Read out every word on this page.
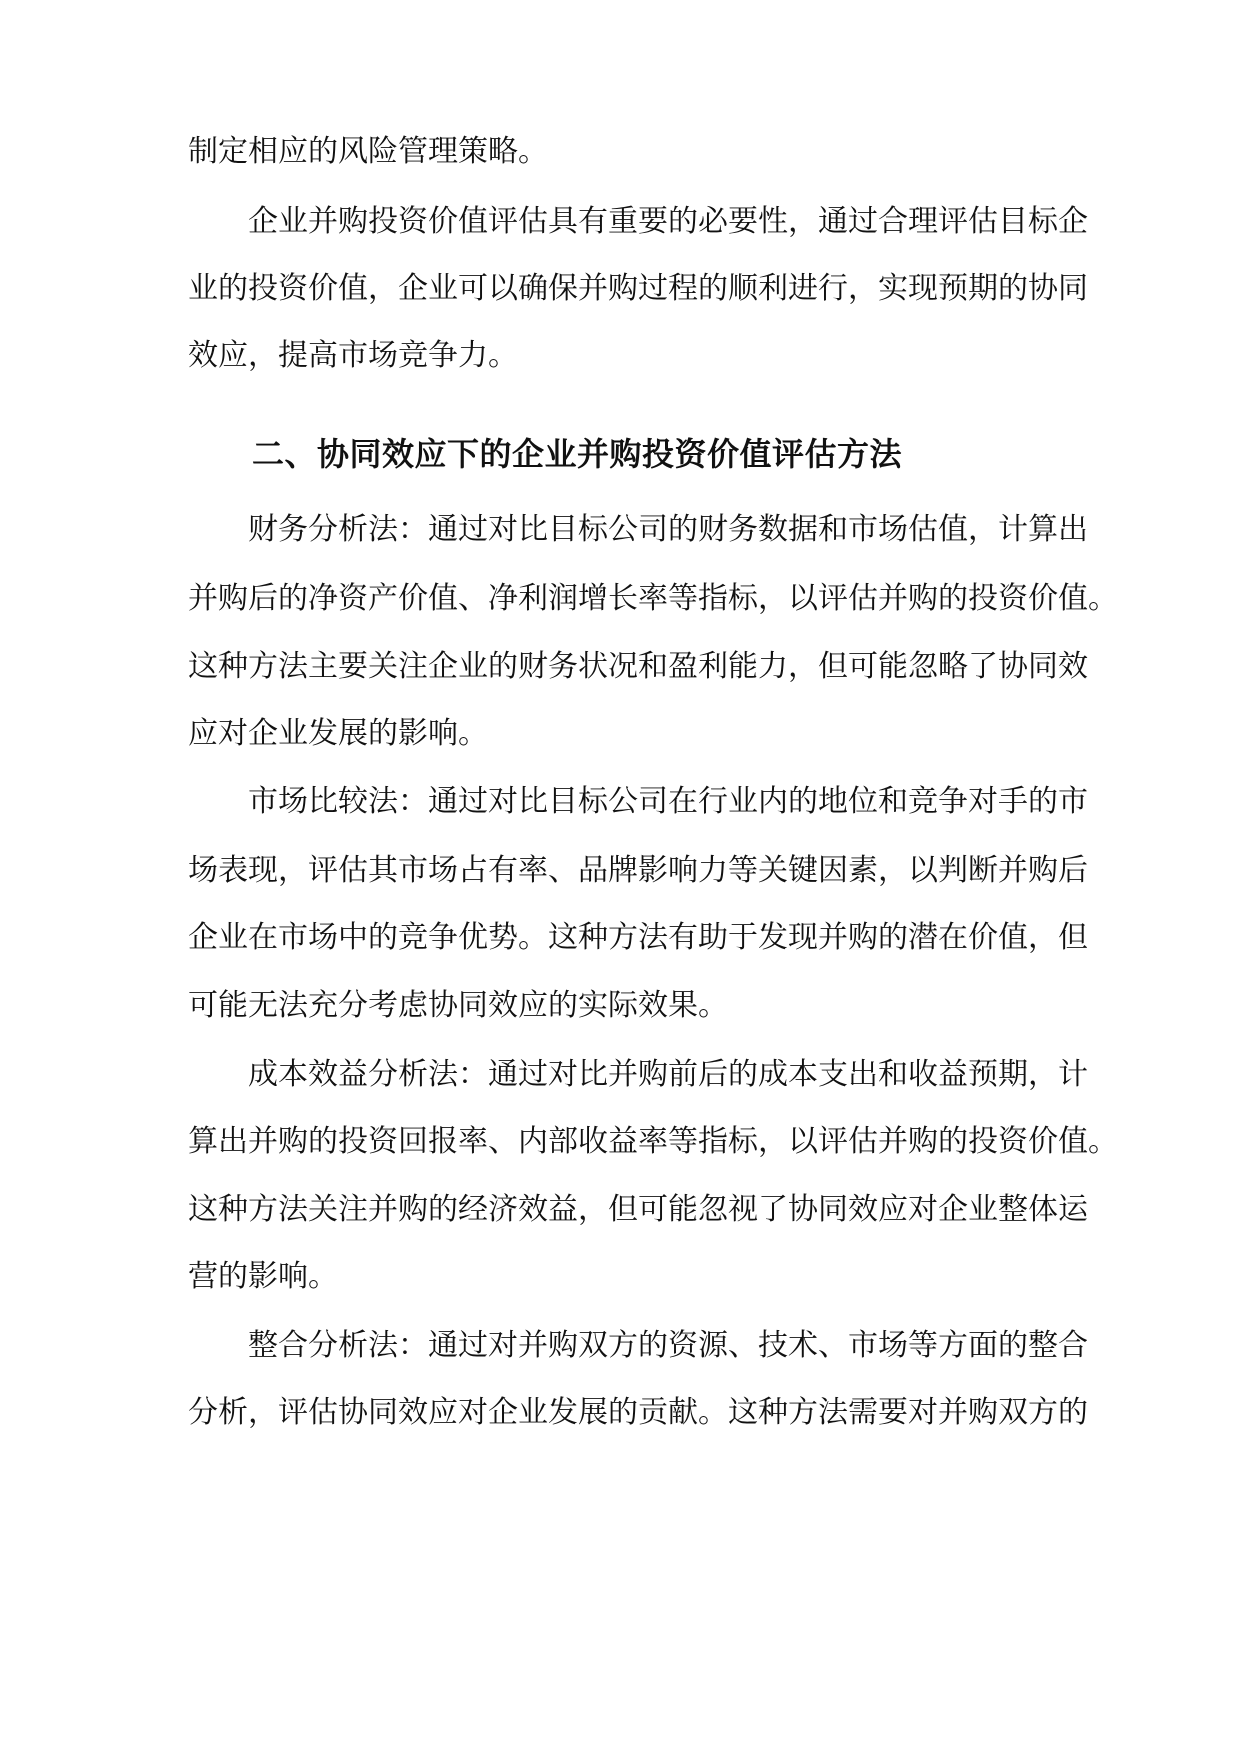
制定相应的风险管理策略。
企业并购投资价值评估具有重要的必要性，通过合理评估目标企
业的投资价值，企业可以确保并购过程的顺利进行，实现预期的协同
效应，提高市场竞争力。
二、协同效应下的企业并购投资价值评估方法
财务分析法：通过对比目标公司的财务数据和市场估值，计算出
并购后的净资产价值、净利润增长率等指标，以评估并购的投资价值。
这种方法主要关注企业的财务状况和盈利能力，但可能忽略了协同效
应对企业发展的影响。
市场比较法：通过对比目标公司在行业内的地位和竞争对手的市
场表现，评估其市场占有率、品牌影响力等关键因素，以判断并购后
企业在市场中的竞争优势。这种方法有助于发现并购的潜在价值，但
可能无法充分考虑协同效应的实际效果。
成本效益分析法：通过对比并购前后的成本支出和收益预期，计
算出并购的投资回报率、内部收益率等指标，以评估并购的投资价值。
这种方法关注并购的经济效益，但可能忽视了协同效应对企业整体运
营的影响。
整合分析法：通过对并购双方的资源、技术、市场等方面的整合
分析，评估协同效应对企业发展的贡献。这种方法需要对并购双方的
